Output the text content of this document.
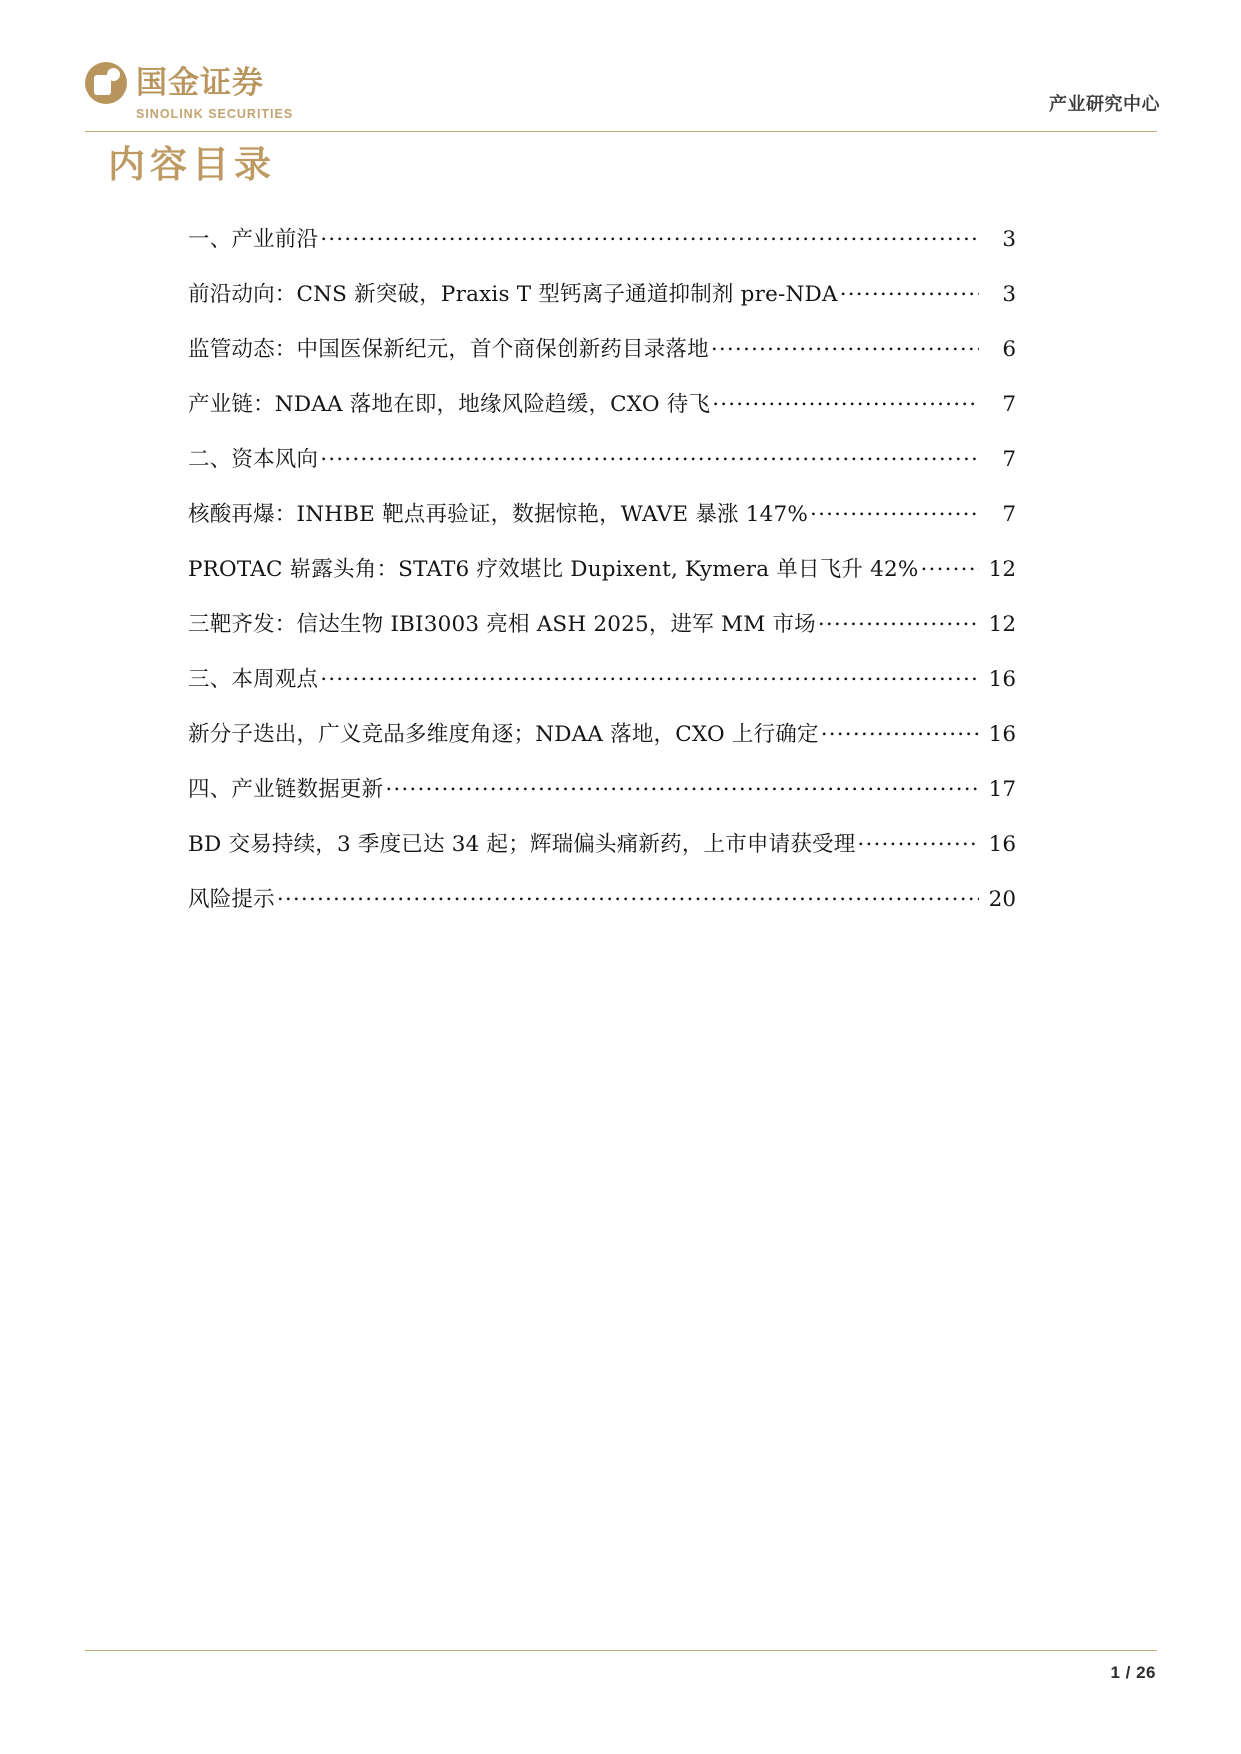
国金证券
SINOLINK SECURITIES	产业研究中心
内容目录
一、产业前沿 .....	3
前沿动向：CNS 新突破，Praxis T 型钙离子通道抑制剂 pre-NDA .....	3
监管动态：中国医保新纪元，首个商保创新药目录落地 .....	6
产业链：NDAA 落地在即，地缘风险趋缓，CXO 待飞 .....	7
二、资本风向 .....	7
核酸再爆：INHBE 靶点再验证，数据惊艳，WAVE 暴涨 147% .....	7
PROTAC 崭露头角：STAT6 疗效堪比 Dupixent, Kymera 单日飞升 42% .....	12
三靶齐发：信达生物 IBI3003 亮相 ASH 2025，进军 MM 市场 .....	12
三、本周观点 .....	16
新分子迭出，广义竞品多维度角逐；NDAA 落地，CXO 上行确定 .....	16
四、产业链数据更新 .....	17
BD 交易持续，3 季度已达 34 起；辉瑞偏头痛新药，上市申请获受理 .....	16
风险提示 .....	20
1 / 26
